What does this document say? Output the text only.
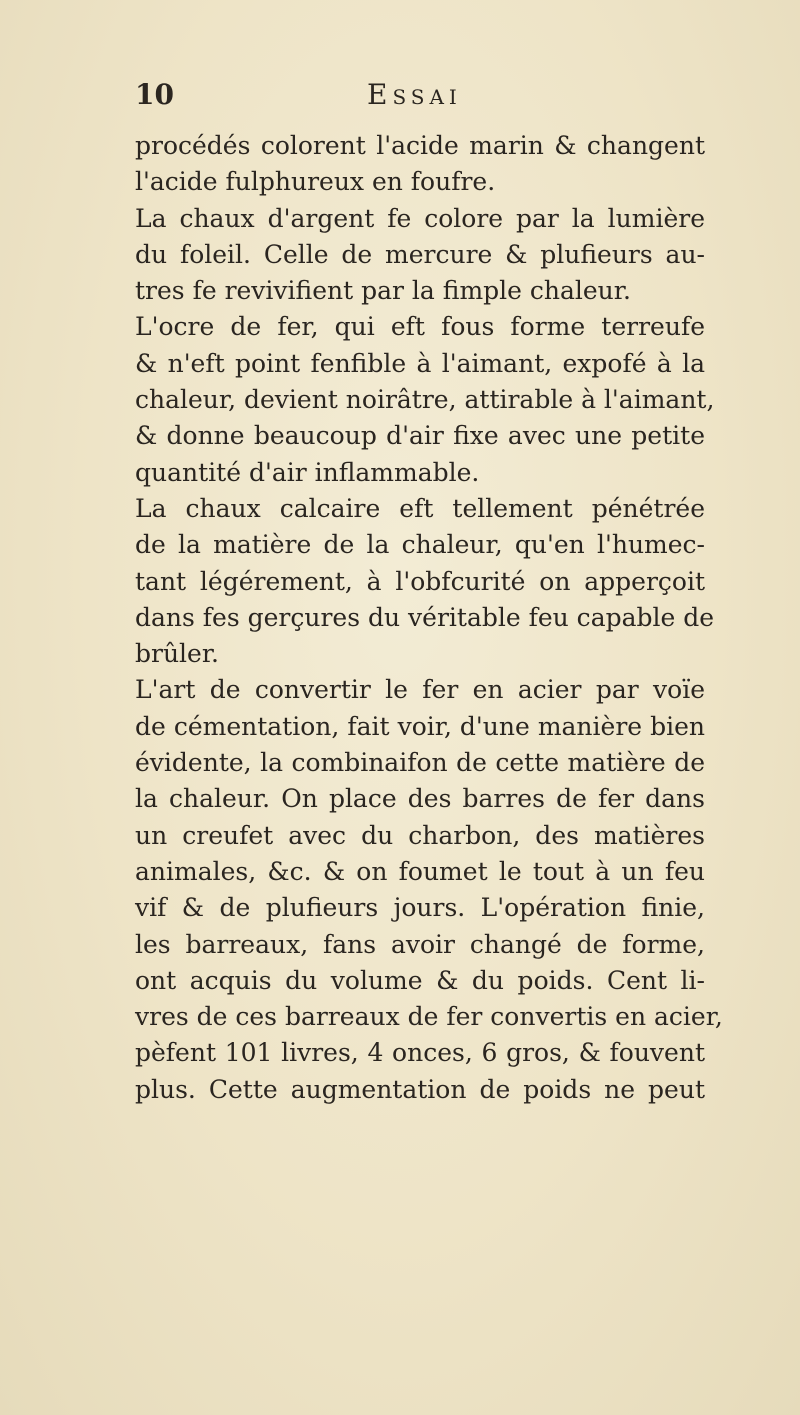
10	Essai
procédés colorent l'acide marin & changent
l'acide fulphureux en foufre.
La chaux d'argent fe colore par la lumière
du foleil. Celle de mercure & plufieurs au-
tres fe revivifient par la fimple chaleur.
L'ocre de fer, qui eft fous forme terreufe
& n'eft point fenfible à l'aimant, expofé à la
chaleur, devient noirâtre, attirable à l'aimant,
& donne beaucoup d'air fixe avec une petite
quantité d'air inflammable.
La chaux calcaire eft tellement pénétrée
de la matière de la chaleur, qu'en l'humec-
tant légérement, à l'obfcurité on apperçoit
dans fes gerçures du véritable feu capable de
brûler.
L'art de convertir le fer en acier par voïe
de cémentation, fait voir, d'une manière bien
évidente, la combinaifon de cette matière de
la chaleur. On place des barres de fer dans
un creufet avec du charbon, des matières
animales, &c. & on foumet le tout à un feu
vif & de plufieurs jours. L'opération finie,
les barreaux, fans avoir changé de forme,
ont acquis du volume & du poids. Cent li-
vres de ces barreaux de fer convertis en acier,
pèfent 101 livres, 4 onces, 6 gros, & fouvent
plus. Cette augmentation de poids ne peut
